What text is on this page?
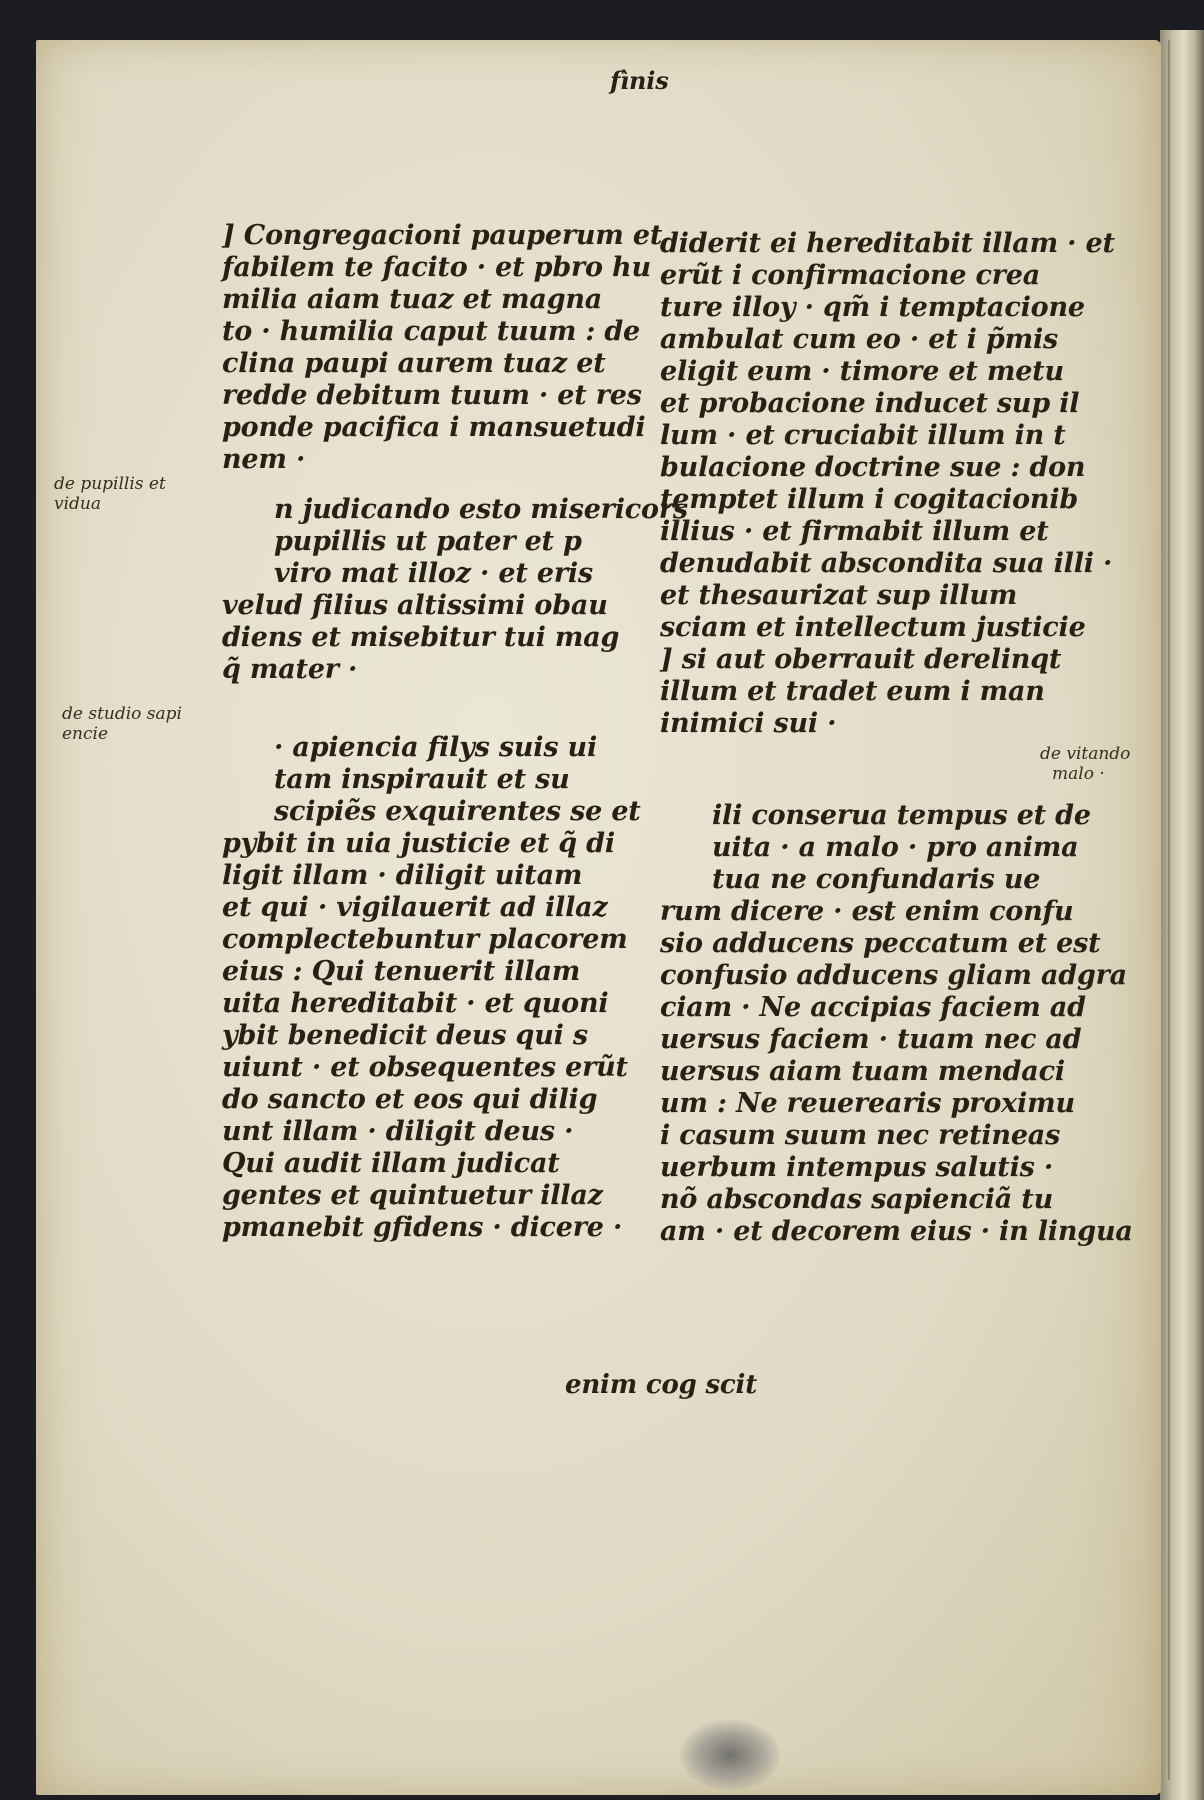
fìnis
] Congregacioni pauperum et
fabilem te facito · et pbro hu
milia aiam tuaz et magna
to · humilia caput tuum : de
clina paupi aurem tuaz et
redde debitum tuum · et res
ponde pacifica i mansuetudi
nem ·
n judicando esto misericors
pupillis ut pater et p
viro mat illoz · et eris
velud filius altissimi obau
diens et misebitur tui mag
q̃ mater ·
· apiencia filys suis ui
tam inspirauit et su
scipiẽs exquirentes se et
pybit in uia justicie et q̃ di
ligit illam · diligit uitam
et qui · vigilauerit ad illaz
complectebuntur placorem
eius : Qui tenuerit illam
uita hereditabit · et quoni
ybit benedicit deus qui s
uiunt · et obsequentes erũt
do sancto et eos qui dilig
unt illam · diligit deus ·
Qui audit illam judicat
gentes et quintuetur illaz
pmanebit gfidens · dicere ·
diderit ei hereditabit illam · et
erũt i confirmacione crea
ture illoy · qm̃ i temptacione
ambulat cum eo · et i p̃mis
eligit eum · timore et metu
et probacione inducet sup il
lum · et cruciabit illum in t
bulacione doctrine sue : don
temptet illum i cogitacionib
illius · et firmabit illum et
denudabit abscondita sua illi ·
et thesaurizat sup illum
sciam et intellectum justicie
] si aut oberrauit derelinqt
illum et tradet eum i man
inimici sui ·
ili conserua tempus et de
uita · a malo · pro anima
tua ne confundaris ue
rum dicere · est enim confu
sio adducens peccatum et est
confusio adducens gliam adgra
ciam · Ne accipias faciem ad
uersus faciem · tuam nec ad
uersus aiam tuam mendaci
um : Ne reuerearis proximu
i casum suum nec retineas
uerbum intempus salutis ·
nõ abscondas sapienciã tu
am · et decorem eius · in lingua
de pupillis et
vidua
de studio sapi
encie
de vitando
malo ·
enim cog scit
